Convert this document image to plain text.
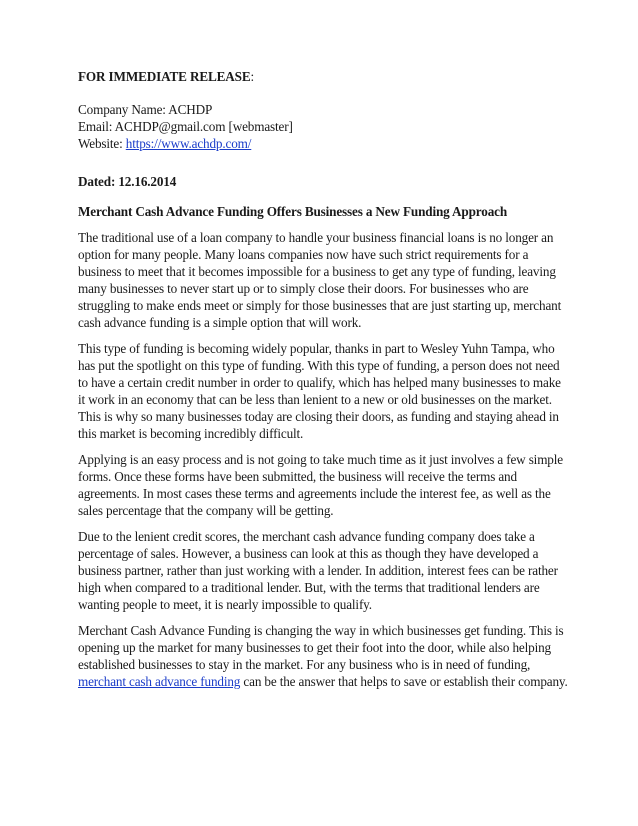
FOR IMMEDIATE RELEASE:
Company Name: ACHDP
Email: ACHDP@gmail.com [webmaster]
Website: https://www.achdp.com/
Dated: 12.16.2014
Merchant Cash Advance Funding Offers Businesses a New Funding Approach

The traditional use of a loan company to handle your business financial loans is no longer an option for many people. Many loans companies now have such strict requirements for a business to meet that it becomes impossible for a business to get any type of funding, leaving many businesses to never start up or to simply close their doors. For businesses who are struggling to make ends meet or simply for those businesses that are just starting up, merchant cash advance funding is a simple option that will work.

This type of funding is becoming widely popular, thanks in part to Wesley Yuhn Tampa, who has put the spotlight on this type of funding. With this type of funding, a person does not need to have a certain credit number in order to qualify, which has helped many businesses to make it work in an economy that can be less than lenient to a new or old businesses on the market. This is why so many businesses today are closing their doors, as funding and staying ahead in this market is becoming incredibly difficult.

Applying is an easy process and is not going to take much time as it just involves a few simple forms. Once these forms have been submitted, the business will receive the terms and agreements. In most cases these terms and agreements include the interest fee, as well as the sales percentage that the company will be getting.

Due to the lenient credit scores, the merchant cash advance funding company does take a percentage of sales. However, a business can look at this as though they have developed a business partner, rather than just working with a lender. In addition, interest fees can be rather high when compared to a traditional lender. But, with the terms that traditional lenders are wanting people to meet, it is nearly impossible to qualify.

Merchant Cash Advance Funding is changing the way in which businesses get funding. This is opening up the market for many businesses to get their foot into the door, while also helping established businesses to stay in the market. For any business who is in need of funding, merchant cash advance funding can be the answer that helps to save or establish their company.
